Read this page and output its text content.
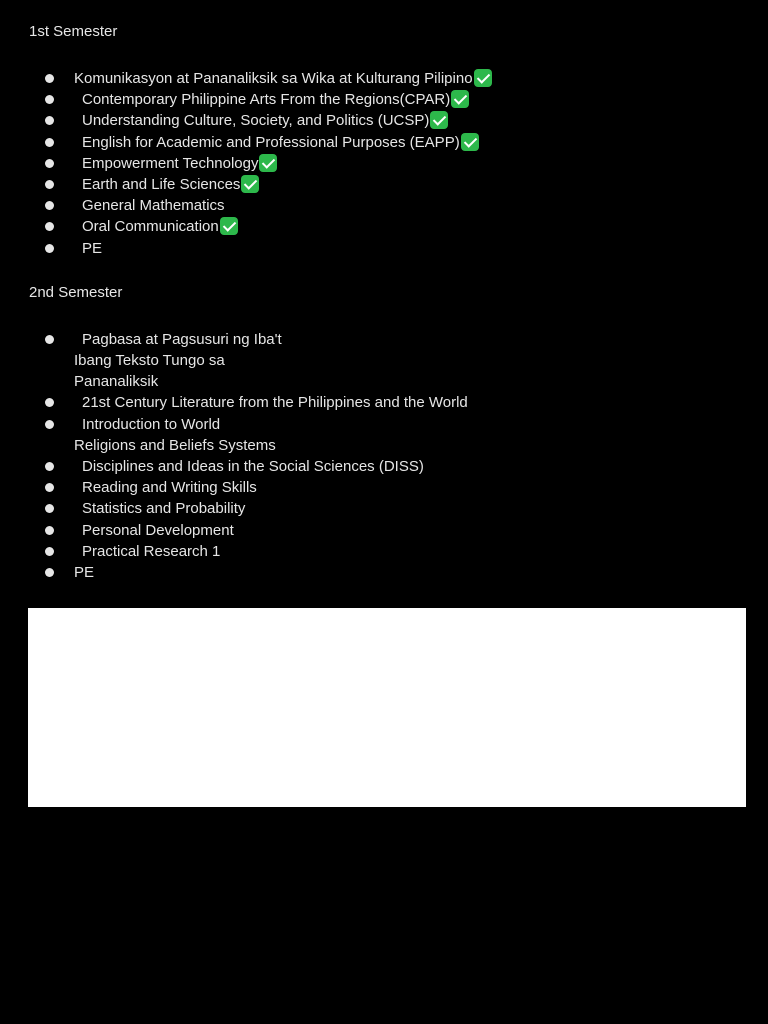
1st Semester

Komunikasyon at Pananaliksik sa Wika at Kulturang Pilipino
Contemporary Philippine Arts From the Regions(CPAR)
Understanding Culture, Society, and Politics (UCSP)
English for Academic and Professional Purposes (EAPP)
Empowerment Technology
Earth and Life Sciences
General Mathematics
Oral Communication
PE

2nd Semester

Pagbasa at Pagsusuri ng Iba't
Ibang Teksto Tungo sa
Pananaliksik
21st Century Literature from the Philippines and the World
Introduction to World
Religions and Beliefs Systems
Disciplines and Ideas in the Social Sciences (DISS)
Reading and Writing Skills
Statistics and Probability
Personal Development
Practical Research 1
PE
